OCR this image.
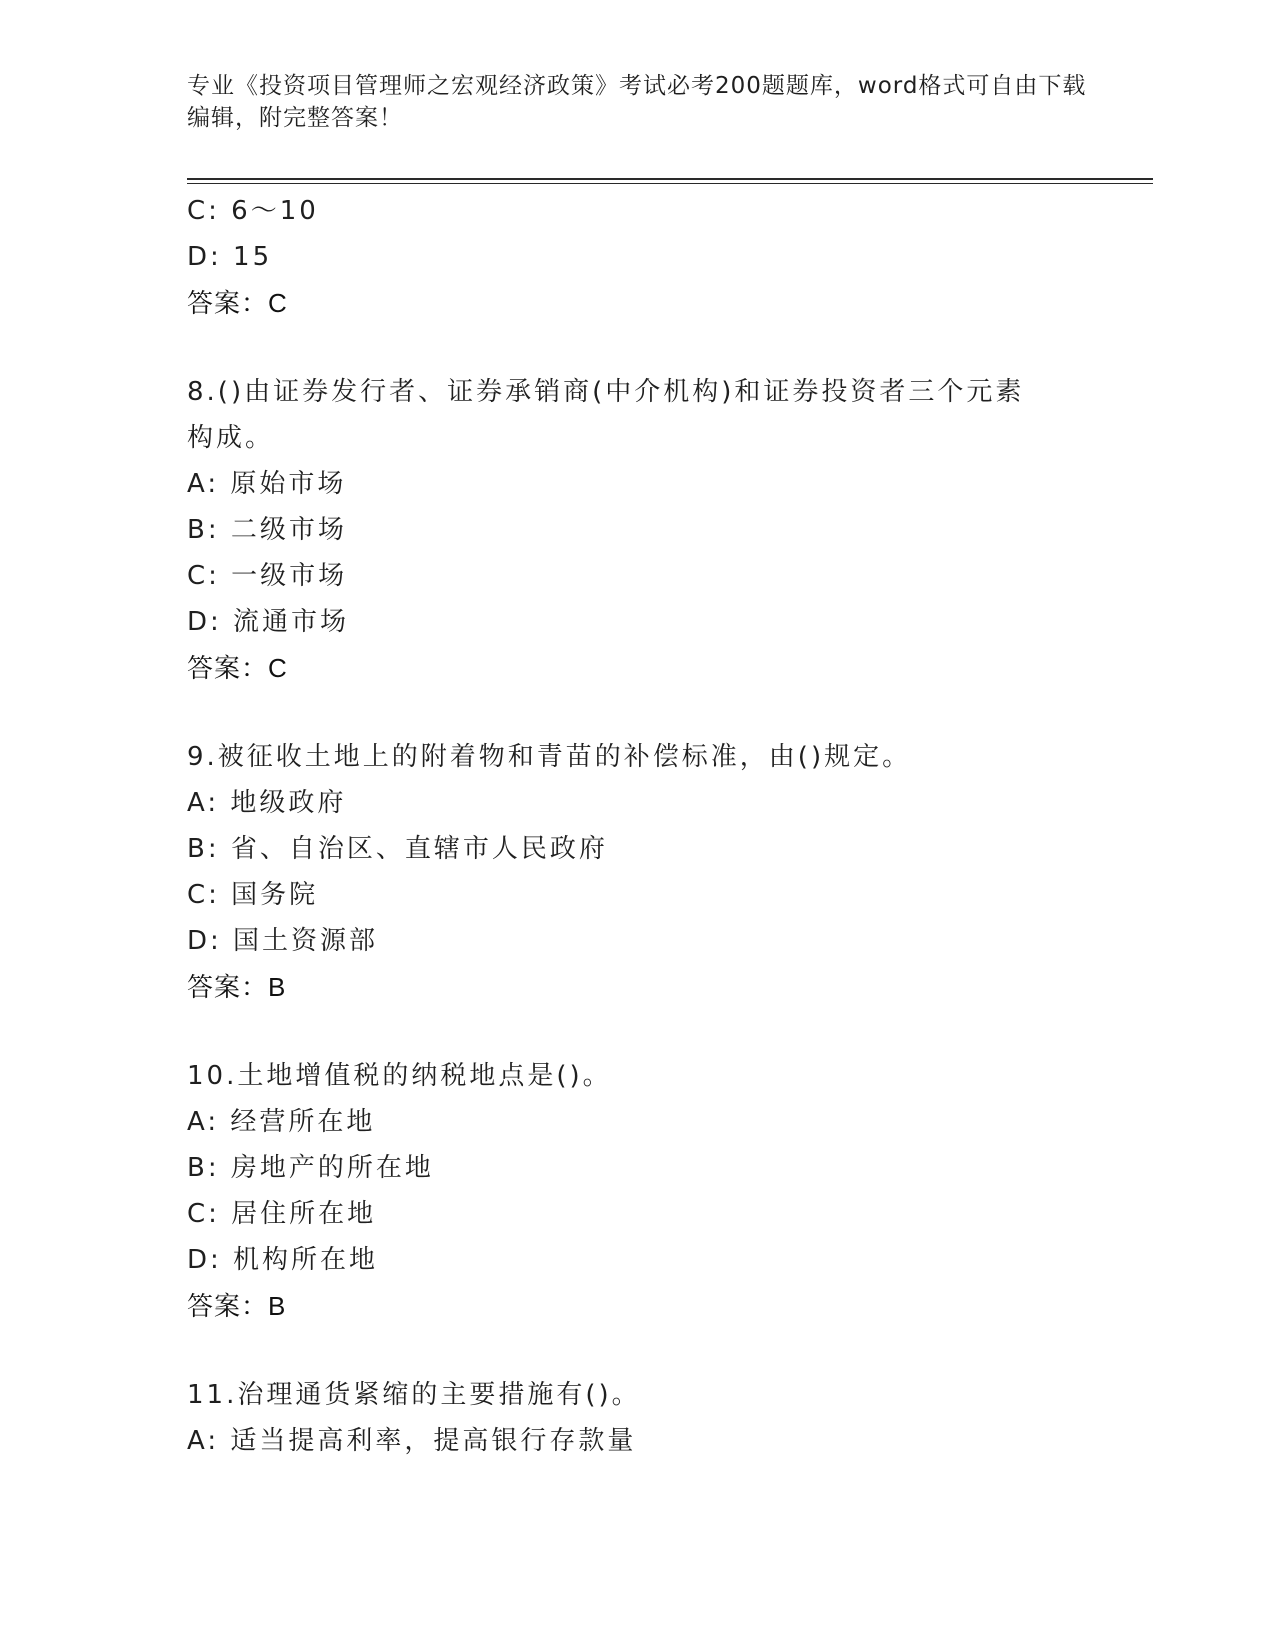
专业《投资项目管理师之宏观经济政策》考试必考200题题库，word格式可自由下载编辑，附完整答案！
C: 6～10
D: 15
答案：C
8.()由证券发行者、证券承销商(中介机构)和证券投资者三个元素构成。
A: 原始市场
B: 二级市场
C: 一级市场
D: 流通市场
答案：C
9.被征收土地上的附着物和青苗的补偿标准，由()规定。
A: 地级政府
B: 省、自治区、直辖市人民政府
C: 国务院
D: 国土资源部
答案：B
10.土地增值税的纳税地点是()。
A: 经营所在地
B: 房地产的所在地
C: 居住所在地
D: 机构所在地
答案：B
11.治理通货紧缩的主要措施有()。
A: 适当提高利率，提高银行存款量
